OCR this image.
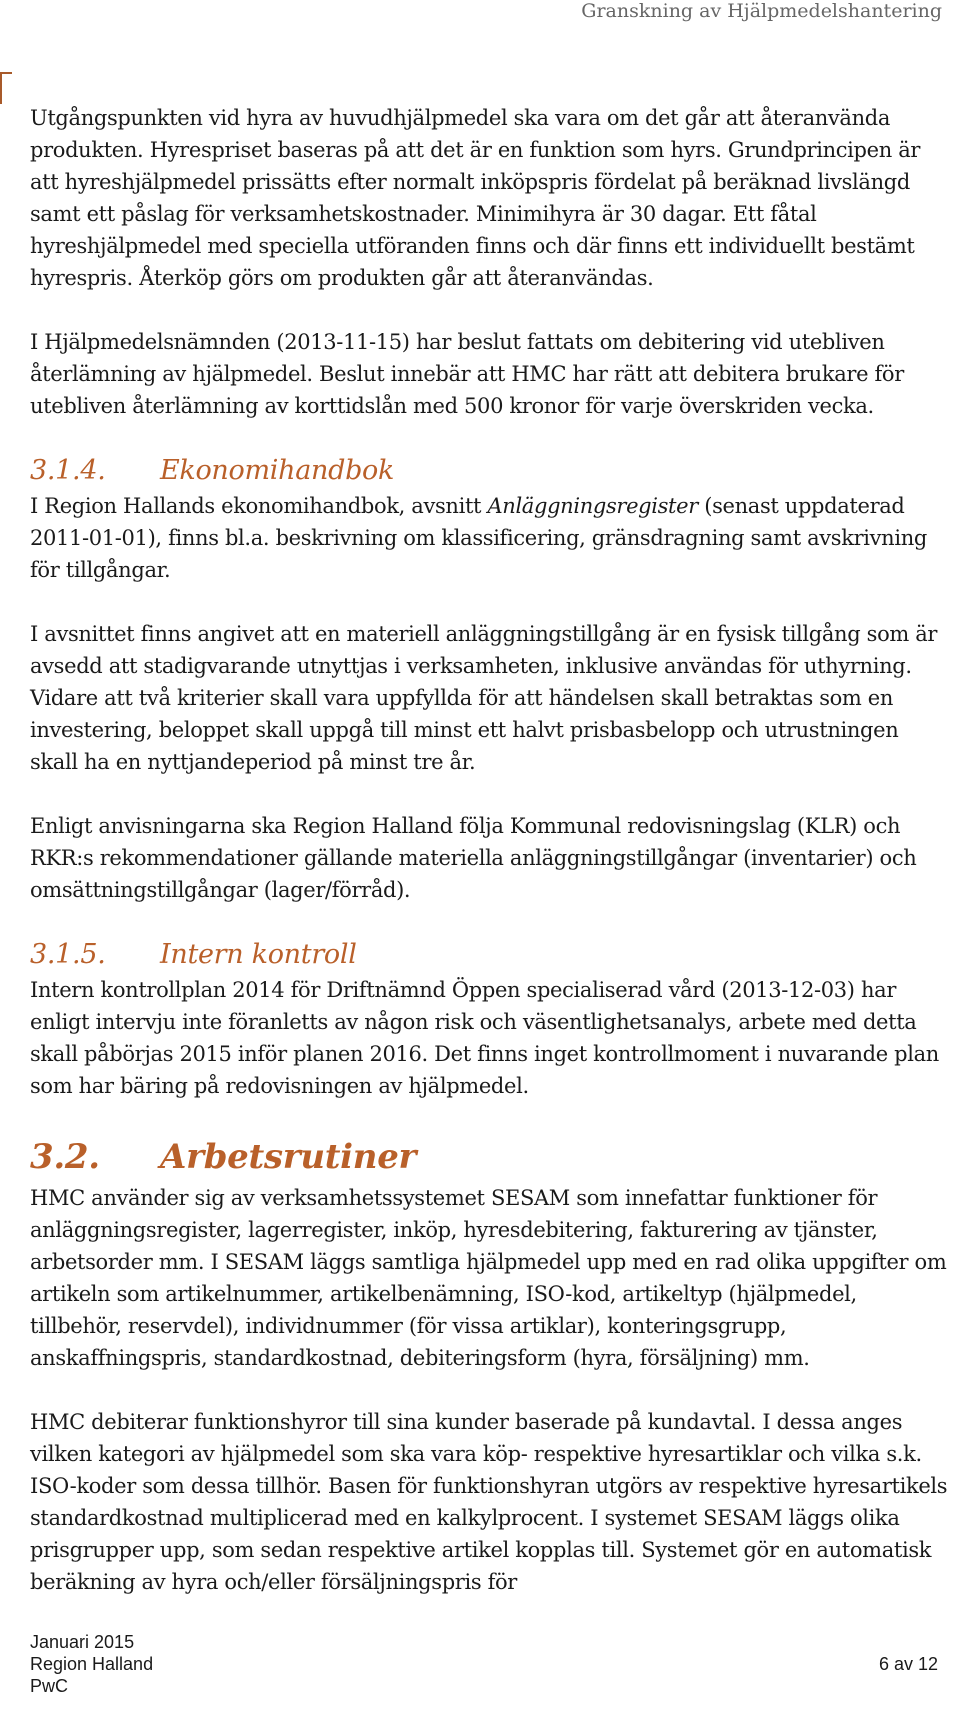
Granskning av Hjälpmedelshantering

Utgångspunkten vid hyra av huvudhjälpmedel ska vara om det går att återanvända produkten. Hyrespriset baseras på att det är en funktion som hyrs. Grundprincipen är att hyreshjälpmedel prissätts efter normalt inköpspris fördelat på beräknad livslängd samt ett påslag för verksamhetskostnader. Minimihyra är 30 dagar. Ett fåtal hyreshjälpmedel med speciella utföranden finns och där finns ett individuellt bestämt hyrespris. Återköp görs om produkten går att återanvändas.

I Hjälpmedelsnämnden (2013-11-15) har beslut fattats om debitering vid utebliven återlämning av hjälpmedel. Beslut innebär att HMC har rätt att debitera brukare för utebliven återlämning av korttidslån med 500 kronor för varje överskriden vecka.

3.1.4.	Ekonomihandbok

I Region Hallands ekonomihandbok, avsnitt Anläggningsregister (senast uppdaterad 2011-01-01), finns bl.a. beskrivning om klassificering, gränsdragning samt avskrivning för tillgångar.

I avsnittet finns angivet att en materiell anläggningstillgång är en fysisk tillgång som är avsedd att stadigvarande utnyttjas i verksamheten, inklusive användas för uthyrning. Vidare att två kriterier skall vara uppfyllda för att händelsen skall betraktas som en investering, beloppet skall uppgå till minst ett halvt prisbasbelopp och utrustningen skall ha en nyttjandeperiod på minst tre år.

Enligt anvisningarna ska Region Halland följa Kommunal redovisningslag (KLR) och RKR:s rekommendationer gällande materiella anläggningstillgångar (inventarier) och omsättningstillgångar (lager/förråd).

3.1.5.	Intern kontroll

Intern kontrollplan 2014 för Driftnämnd Öppen specialiserad vård (2013-12-03) har enligt intervju inte föranletts av någon risk och väsentlighetsanalys, arbete med detta skall påbörjas 2015 inför planen 2016. Det finns inget kontrollmoment i nuvarande plan som har bäring på redovisningen av hjälpmedel.

3.2.	Arbetsrutiner

HMC använder sig av verksamhetssystemet SESAM som innefattar funktioner för anläggningsregister, lagerregister, inköp, hyresdebitering, fakturering av tjänster, arbetsorder mm. I SESAM läggs samtliga hjälpmedel upp med en rad olika uppgifter om artikeln som artikelnummer, artikelbenämning, ISO-kod, artikeltyp (hjälpmedel, tillbehör, reservdel), individnummer (för vissa artiklar), konteringsgrupp, anskaffningspris, standardkostnad, debiteringsform (hyra, försäljning) mm.

HMC debiterar funktionshyror till sina kunder baserade på kundavtal. I dessa anges vilken kategori av hjälpmedel som ska vara köp- respektive hyresartiklar och vilka s.k. ISO-koder som dessa tillhör. Basen för funktionshyran utgörs av respektive hyresartikels standardkostnad multiplicerad med en kalkylprocent. I systemet SESAM läggs olika prisgrupper upp, som sedan respektive artikel kopplas till. Systemet gör en automatisk beräkning av hyra och/eller försäljningspris för

Januari 2015
Region Halland
PwC
6 av 12
